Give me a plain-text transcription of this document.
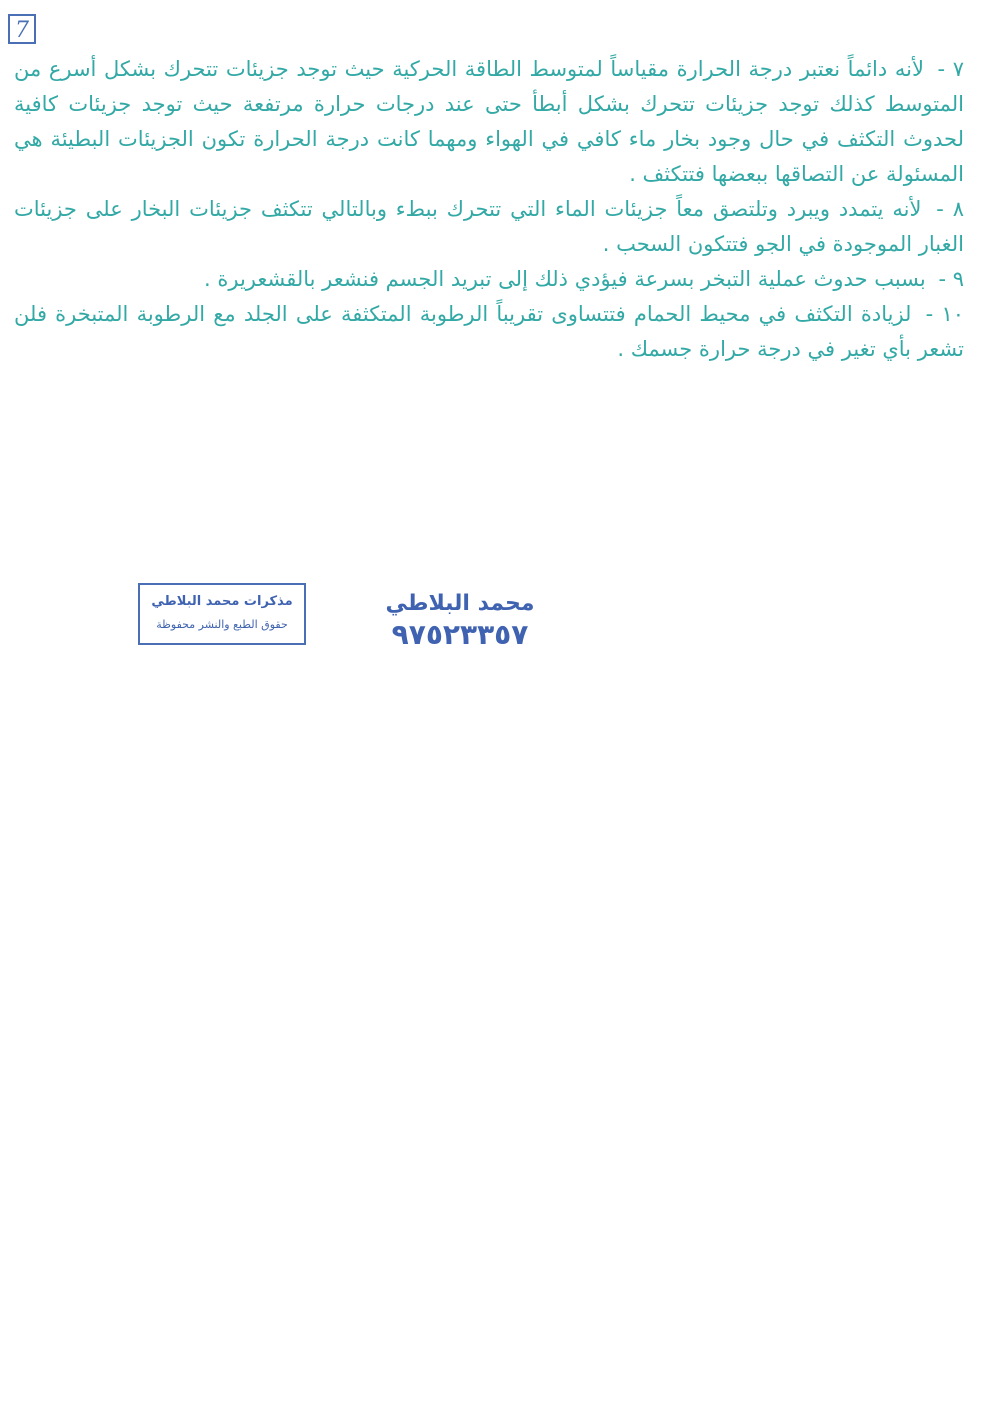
7

٧ - لأنه دائماً نعتبر درجة الحرارة مقياساً لمتوسط الطاقة الحركية حيث توجد جزيئات تتحرك بشكل أسرع من المتوسط كذلك توجد جزيئات تتحرك بشكل أبطأ حتى عند درجات حرارة مرتفعة حيث توجد جزيئات كافية لحدوث التكثف في حال وجود بخار ماء كافي في الهواء ومهما كانت درجة الحرارة تكون الجزيئات البطيئة هي المسئولة عن التصاقها ببعضها فتتكثف .

٨ - لأنه يتمدد ويبرد وتلتصق معاً جزيئات الماء التي تتحرك ببطء وبالتالي تتكثف جزيئات البخار على جزيئات الغبار الموجودة في الجو فتتكون السحب .

٩ - بسبب حدوث عملية التبخر بسرعة فيؤدي ذلك إلى تبريد الجسم فنشعر بالقشعريرة .

١٠ - لزيادة التكثف في محيط الحمام فتتساوى تقريباً الرطوبة المتكثفة على الجلد مع الرطوبة المتبخرة فلن تشعر بأي تغير في درجة حرارة جسمك .

مذكرات محمد البلاطي
حقوق الطبع والنشر محفوظة
محمد البلاطي
٩٧٥٢٣٣٥٧
